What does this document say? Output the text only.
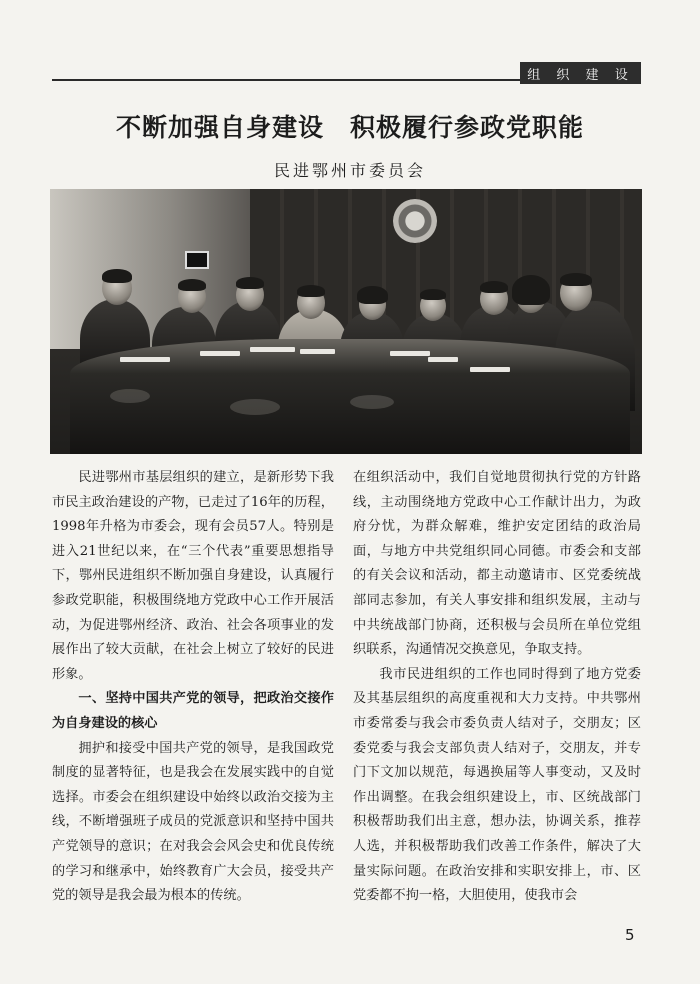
组 织 建 设
不断加强自身建设　积极履行参政党职能
民进鄂州市委员会

民进鄂州市基层组织的建立，是新形势下我市民主政治建设的产物，已走过了16年的历程，1998年升格为市委会，现有会员57人。特别是进入21世纪以来，在“三个代表”重要思想指导下，鄂州民进组织不断加强自身建设，认真履行参政党职能，积极围绕地方党政中心工作开展活动，为促进鄂州经济、政治、社会各项事业的发展作出了较大贡献，在社会上树立了较好的民进形象。

一、坚持中国共产党的领导，把政治交接作为自身建设的核心

拥护和接受中国共产党的领导，是我国政党制度的显著特征，也是我会在发展实践中的自觉选择。市委会在组织建设中始终以政治交接为主线，不断增强班子成员的党派意识和坚持中国共产党领导的意识；在对我会会风会史和优良传统的学习和继承中，始终教育广大会员，接受共产党的领导是我会最为根本的传统。

在组织活动中，我们自觉地贯彻执行党的方针路线，主动围绕地方党政中心工作献计出力，为政府分忧，为群众解难，维护安定团结的政治局面，与地方中共党组织同心同德。市委会和支部的有关会议和活动，都主动邀请市、区党委统战部同志参加，有关人事安排和组织发展，主动与中共统战部门协商，还积极与会员所在单位党组织联系，沟通情况交换意见，争取支持。

我市民进组织的工作也同时得到了地方党委及其基层组织的高度重视和大力支持。中共鄂州市委常委与我会市委负责人结对子，交朋友；区委党委与我会支部负责人结对子，交朋友，并专门下文加以规范，每遇换届等人事变动，又及时作出调整。在我会组织建设上，市、区统战部门积极帮助我们出主意，想办法，协调关系，推荐人选，并积极帮助我们改善工作条件，解决了大量实际问题。在政治安排和实职安排上，市、区党委都不拘一格，大胆使用，使我市会

5
